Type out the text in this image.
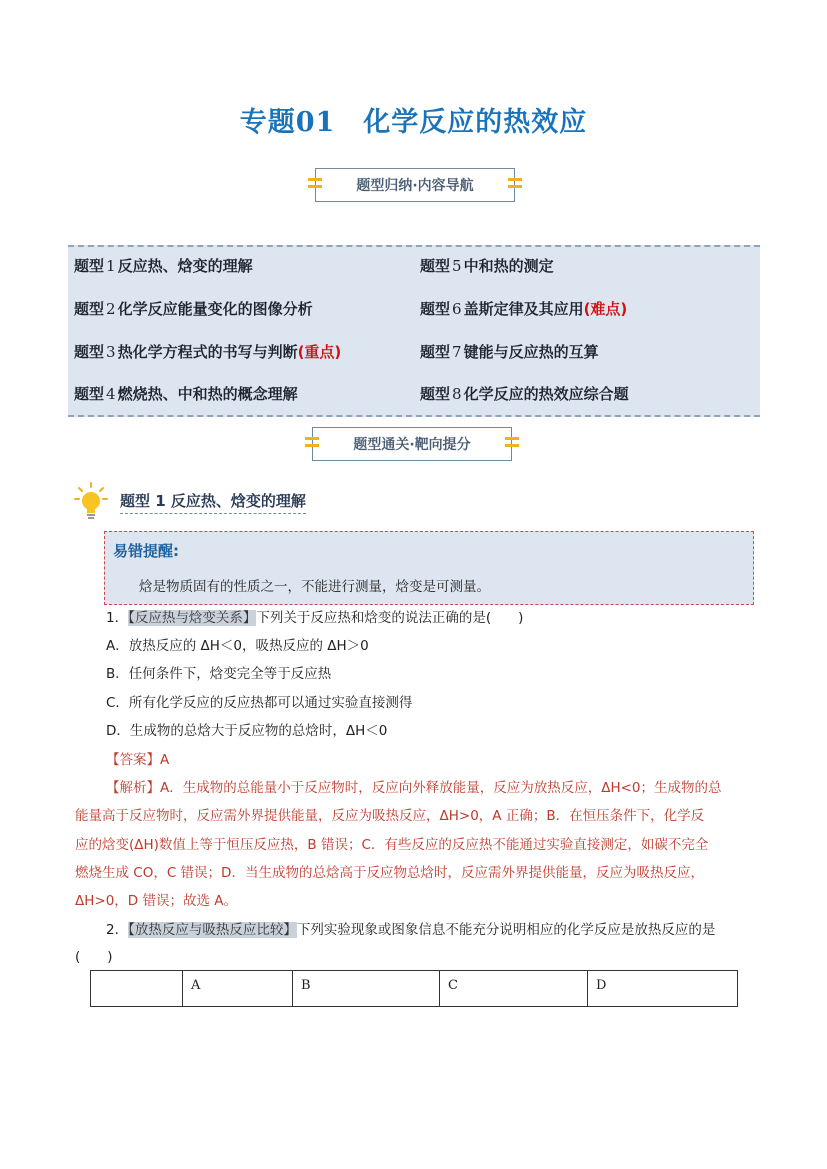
专题01 化学反应的热效应
题型归纳·内容导航
题型 1 反应热、焓变的理解	题型 5 中和热的测定
题型 2 化学反应能量变化的图像分析	题型 6 盖斯定律及其应用(难点)
题型 3 热化学方程式的书写与判断(重点)	题型 7 键能与反应热的互算
题型 4 燃烧热、中和热的概念理解	题型 8 化学反应的热效应综合题
题型通关·靶向提分
题型 1 反应热、焓变的理解
易错提醒:
焓是物质固有的性质之一，不能进行测量，焓变是可测量。
1．【反应热与焓变关系】下列关于反应热和焓变的说法正确的是(　　)
A．放热反应的 ΔH＜0，吸热反应的 ΔH＞0
B．任何条件下，焓变完全等于反应热
C．所有化学反应的反应热都可以通过实验直接测得
D．生成物的总焓大于反应物的总焓时，ΔH＜0
【答案】A
【解析】A．生成物的总能量小于反应物时，反应向外释放能量，反应为放热反应，ΔH<0；生成物的总
能量高于反应物时，反应需外界提供能量，反应为吸热反应，ΔH>0，A 正确；B．在恒压条件下，化学反
应的焓变(ΔH)数值上等于恒压反应热，B 错误；C．有些反应的反应热不能通过实验直接测定，如碳不完全
燃烧生成 CO，C 错误；D．当生成物的总焓高于反应物总焓时，反应需外界提供能量，反应为吸热反应，
ΔH>0，D 错误；故选 A。
2．【放热反应与吸热反应比较】下列实验现象或图象信息不能充分说明相应的化学反应是放热反应的是
(　　)
A	B	C	D
